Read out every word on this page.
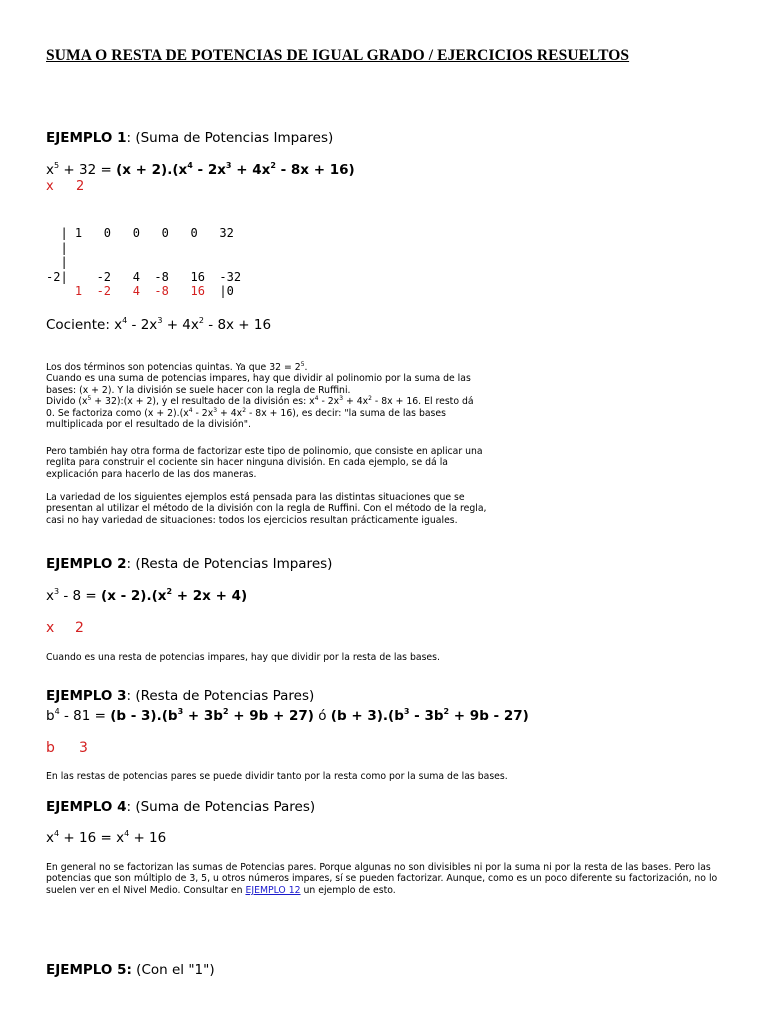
SUMA O RESTA DE POTENCIAS DE IGUAL GRADO / EJERCICIOS RESUELTOS
EJEMPLO 1: (Suma de Potencias Impares)
$x^5 + 32 = (x + 2).(x^4 - 2x^3 + 4x^2 - 8x + 16)$
x 2
| 1   0   0   0   0   32
|
|
-2|    -2   4  -8   16  -32
1  -2   4  -8   16  |0
Cociente: $x^4 - 2x^3 + 4x^2 - 8x + 16$
Los dos términos son potencias quintas. Ya que $32 = 2^5$.
Cuando es una suma de potencias impares, hay que dividir al polinomio por la suma de las
bases: (x + 2). Y la división se suele hacer con la regla de Ruffini.
Divido ($x^5$ + 32):(x + 2), y el resultado de la división es: $x^4 - 2x^3 + 4x^2 - 8x + 16$. El resto dá
0. Se factoriza como $(x + 2).(x^4 - 2x^3 + 4x^2 - 8x + 16)$, es decir: "la suma de las bases
multiplicada por el resultado de la división".
Pero también hay otra forma de factorizar este tipo de polinomio, que consiste en aplicar una reglita para construir el cociente sin hacer ninguna división. En cada ejemplo, se dá la explicación para hacerlo de las dos maneras.
La variedad de los siguientes ejemplos está pensada para las distintas situaciones que se presentan al utilizar el método de la división con la regla de Ruffini. Con el método de la regla, casi no hay variedad de situaciones: todos los ejercicios resultan prácticamente iguales.
EJEMPLO 2: (Resta de Potencias Impares)
$x^3 - 8 = (x - 2).(x^2 + 2x + 4)$
x 2
Cuando es una resta de potencias impares, hay que dividir por la resta de las bases.
EJEMPLO 3: (Resta de Potencias Pares)
$b^4 - 81 = (b - 3).(b^3 + 3b^2 + 9b + 27)$ ó $(b + 3).(b^3 - 3b^2 + 9b - 27)$
b 3
En las restas de potencias pares se puede dividir tanto por la resta como por la suma de las bases.
EJEMPLO 4: (Suma de Potencias Pares)
$x^4 + 16 = x^4 + 16$
En general no se factorizan las sumas de Potencias pares. Porque algunas no son divisibles ni por la suma ni por la resta de las bases. Pero las potencias que son múltiplo de 3, 5, u otros números impares, sí se pueden factorizar. Aunque, como es un poco diferente su factorización, no lo suelen ver en el Nivel Medio. Consultar en EJEMPLO 12 un ejemplo de esto.
EJEMPLO 5: (Con el "1")
